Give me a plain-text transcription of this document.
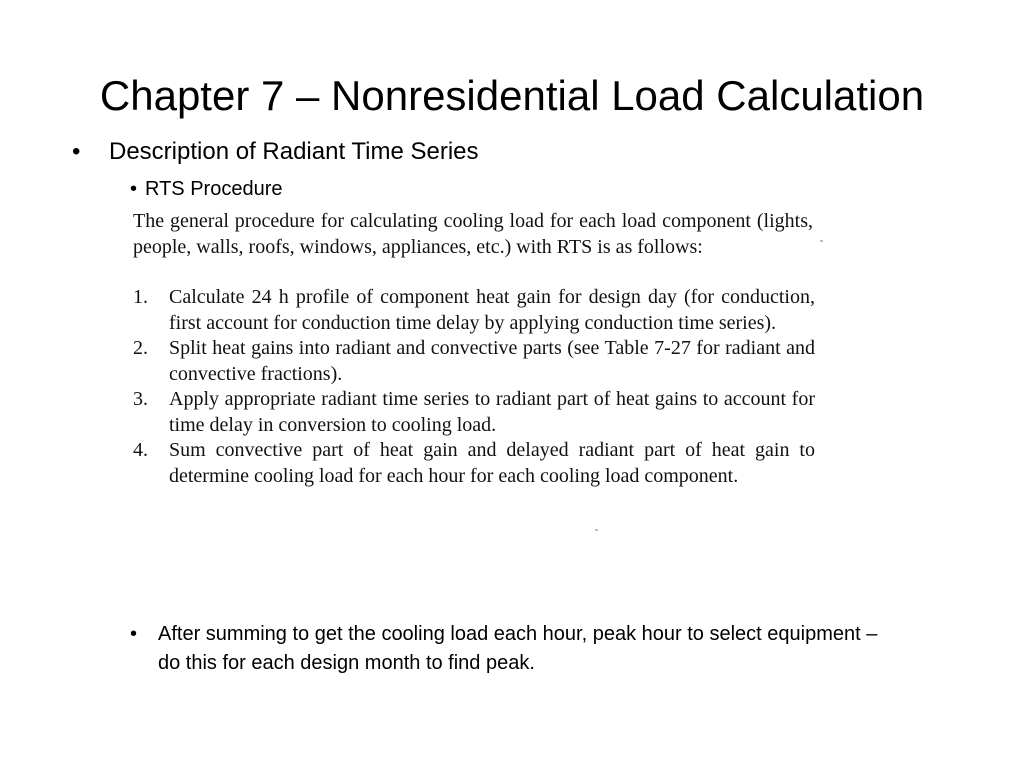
Chapter 7 – Nonresidential Load Calculation
• Description of Radiant Time Series
• RTS Procedure

The general procedure for calculating cooling load for each load component (lights, people, walls, roofs, windows, appliances, etc.) with RTS is as follows:

1.	Calculate 24 h profile of component heat gain for design day (for conduction, first account for conduction time delay by applying conduction time series).
2.	Split heat gains into radiant and convective parts (see Table 7-27 for radiant and convective fractions).
3.	Apply appropriate radiant time series to radiant part of heat gains to account for time delay in conversion to cooling load.
4.	Sum convective part of heat gain and delayed radiant part of heat gain to determine cooling load for each hour for each cooling load component.
•	After summing to get the cooling load each hour, peak hour to select equipment – do this for each design month to find peak.
